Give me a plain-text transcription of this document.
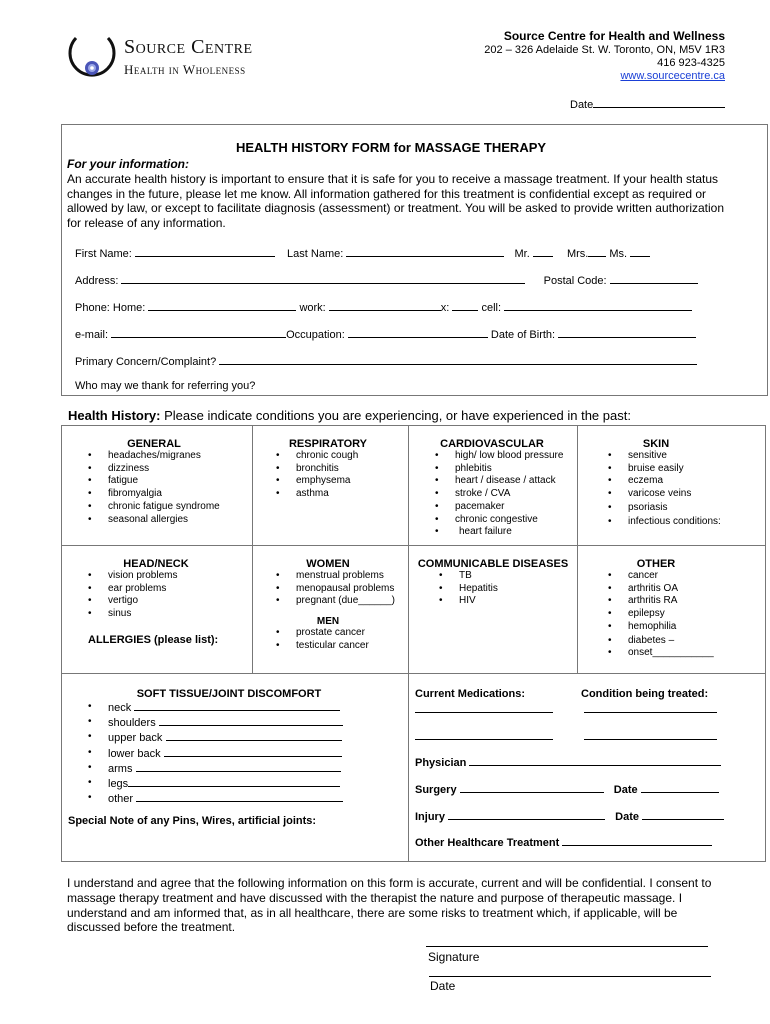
Source Centre
Health in Wholeness
Source Centre for Health and Wellness
202 – 326 Adelaide St. W. Toronto, ON, M5V 1R3
416 923-4325
www.sourcecentre.ca
Date
HEALTH HISTORY FORM for MASSAGE THERAPY
For your information:
An accurate health history is important to ensure that it is safe for you to receive a massage treatment. If your health status changes in the future, please let me know. All information gathered for this treatment is confidential except as required or allowed by law, or except to facilitate diagnosis (assessment) or treatment. You will be asked to provide written authorization for release of any information.
First Name:	Last Name:	Mr.	Mrs. Ms.
Address:	Postal Code:
Phone: Home:	work:	x:	cell:
e-mail:	Occupation:	Date of Birth:
Primary Concern/Complaint?
Who may we thank for referring you?
Health History: Please indicate conditions you are experiencing, or have experienced in the past:
GENERAL
• headaches/migranes
• dizziness
• fatigue
• fibromyalgia
• chronic fatigue syndrome
• seasonal allergies
RESPIRATORY
• chronic cough
• bronchitis
• emphysema
• asthma
CARDIOVASCULAR
• high/ low blood pressure
• phlebitis
• heart / disease / attack
• stroke / CVA
• pacemaker
• chronic congestive
• heart failure
SKIN
• sensitive
• bruise easily
• eczema
• varicose veins
• psoriasis
• infectious conditions:
HEAD/NECK
• vision problems
• ear problems
• vertigo
• sinus
ALLERGIES (please list):
WOMEN
• menstrual problems
• menopausal problems
• pregnant (due______)
MEN
• prostate cancer
• testicular cancer
COMMUNICABLE DISEASES
• TB
• Hepatitis
• HIV
OTHER
• cancer
• arthritis OA
• arthritis RA
• epilepsy
• hemophilia
• diabetes –
• onset___________
SOFT TISSUE/JOINT DISCOMFORT
• neck
• shoulders
• upper back
• lower back
• arms
• legs
• other
Special Note of any Pins, Wires, artificial joints:
Current Medications:	Condition being treated:
Physician
Surgery	Date
Injury	Date
Other Healthcare Treatment
I understand and agree that the following information on this form is accurate, current and will be confidential. I consent to massage therapy treatment and have discussed with the therapist the nature and purpose of therapeutic massage. I understand and am informed that, as in all healthcare, there are some risks to treatment which, if applicable, will be discussed before the treatment.
Signature
Date
